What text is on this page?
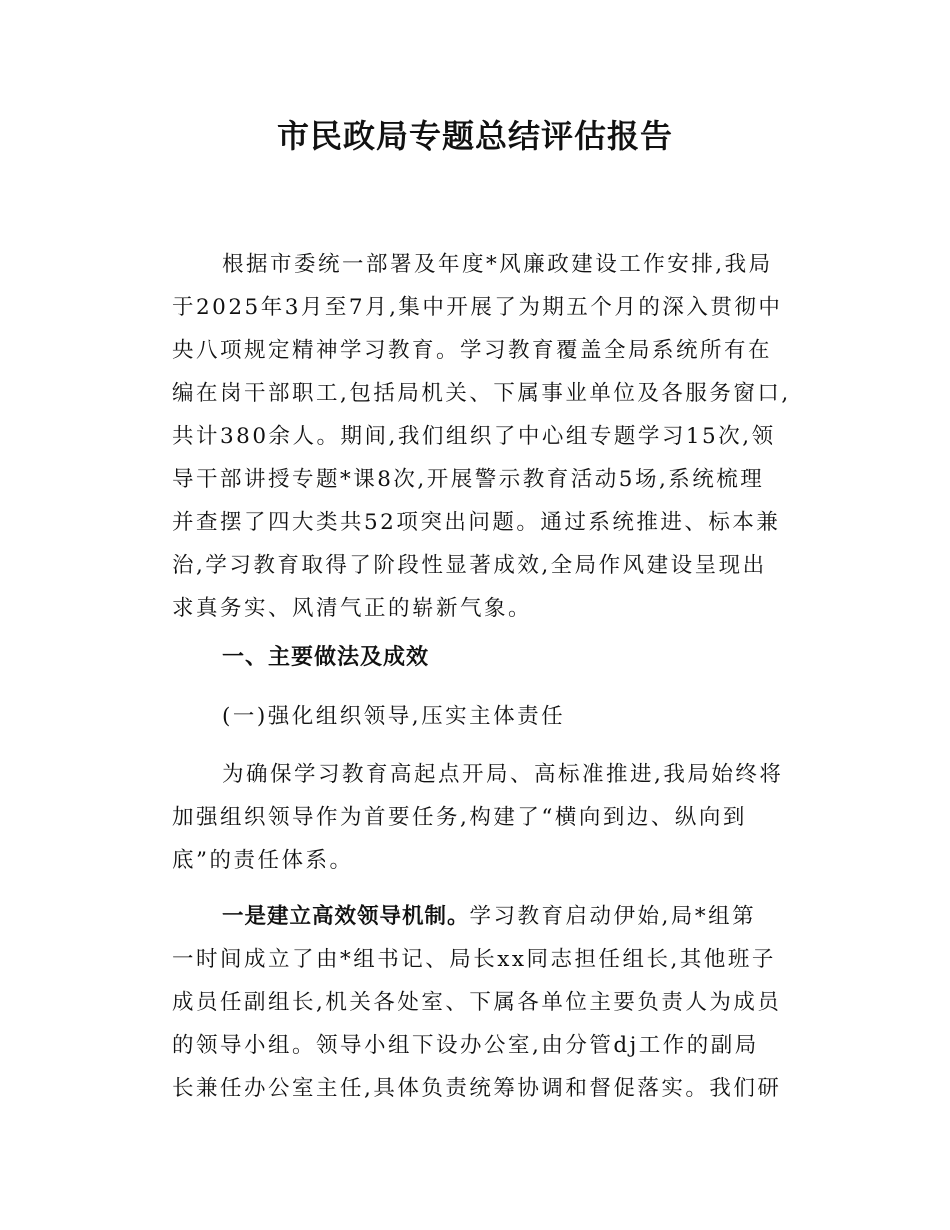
市民政局专题总结评估报告
根据市委统一部署及年度*风廉政建设工作安排,我局
于2025年3月至7月,集中开展了为期五个月的深入贯彻中
央八项规定精神学习教育。学习教育覆盖全局系统所有在
编在岗干部职工,包括局机关、下属事业单位及各服务窗口,
共计380余人。期间,我们组织了中心组专题学习15次,领
导干部讲授专题*课8次,开展警示教育活动5场,系统梳理
并查摆了四大类共52项突出问题。通过系统推进、标本兼
治,学习教育取得了阶段性显著成效,全局作风建设呈现出
求真务实、风清气正的崭新气象。
一、主要做法及成效
(一)强化组织领导,压实主体责任
为确保学习教育高起点开局、高标准推进,我局始终将
加强组织领导作为首要任务,构建了“横向到边、纵向到
底”的责任体系。
一是建立高效领导机制。学习教育启动伊始,局*组第
一时间成立了由*组书记、局长xx同志担任组长,其他班子
成员任副组长,机关各处室、下属各单位主要负责人为成员
的领导小组。领导小组下设办公室,由分管dj工作的副局
长兼任办公室主任,具体负责统筹协调和督促落实。我们研
